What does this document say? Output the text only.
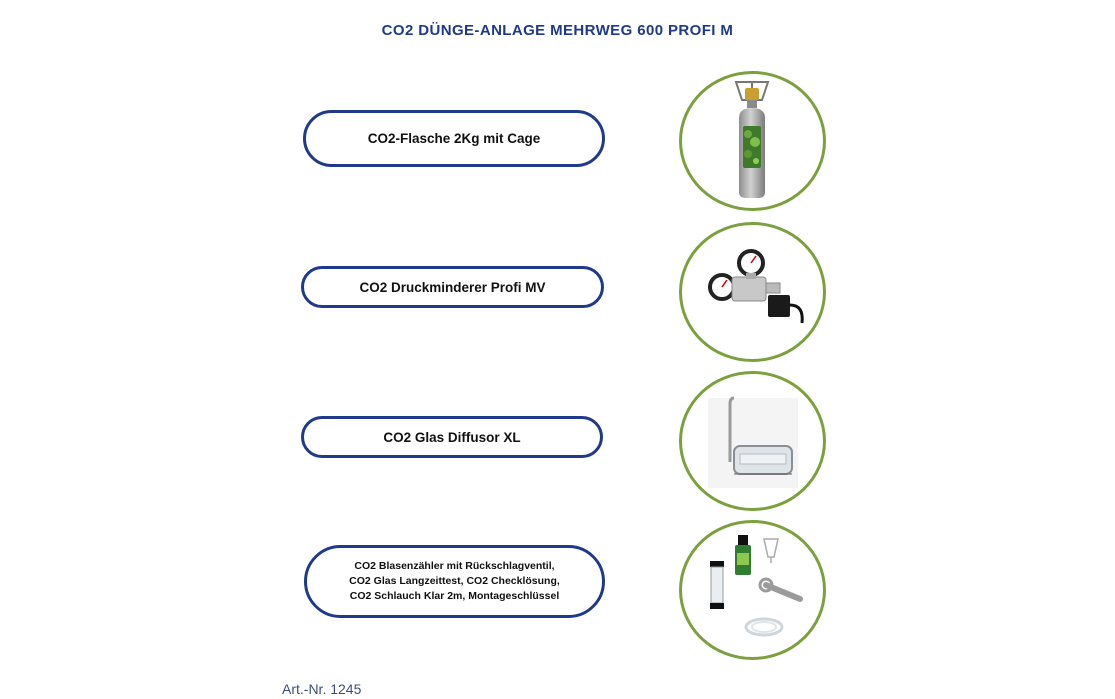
CO2 DÜNGE-ANLAGE MEHRWEG 600 PROFI M
CO2-Flasche 2Kg mit Cage
CO2 Druckminderer Profi MV
CO2 Glas Diffusor XL
CO2 Blasenzähler mit Rückschlagventil,
CO2 Glas Langzeittest, CO2 Checklösung,
CO2 Schlauch Klar 2m, Montageschlüssel
Art.-Nr. 1245
